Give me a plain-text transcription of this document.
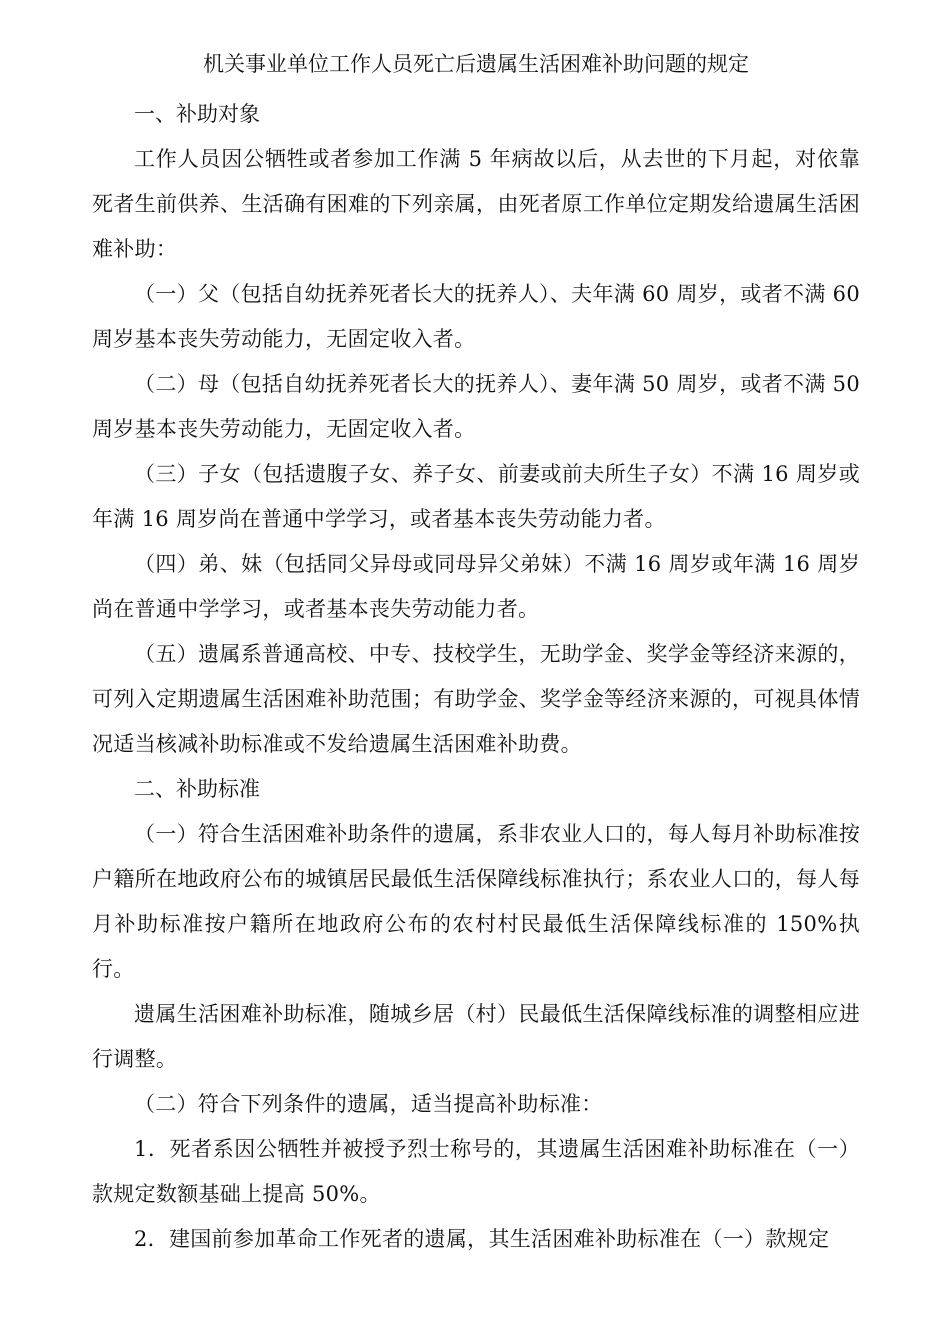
机关事业单位工作人员死亡后遗属生活困难补助问题的规定

一、补助对象

工作人员因公牺牲或者参加工作满 5 年病故以后，从去世的下月起，对依靠死者生前供养、生活确有困难的下列亲属，由死者原工作单位定期发给遗属生活困难补助：

（一）父（包括自幼抚养死者长大的抚养人）、夫年满 60 周岁，或者不满 60 周岁基本丧失劳动能力，无固定收入者。

（二）母（包括自幼抚养死者长大的抚养人）、妻年满 50 周岁，或者不满 50 周岁基本丧失劳动能力，无固定收入者。

（三）子女（包括遗腹子女、养子女、前妻或前夫所生子女）不满 16 周岁或年满 16 周岁尚在普通中学学习，或者基本丧失劳动能力者。

（四）弟、妹（包括同父异母或同母异父弟妹）不满 16 周岁或年满 16 周岁尚在普通中学学习，或者基本丧失劳动能力者。

（五）遗属系普通高校、中专、技校学生，无助学金、奖学金等经济来源的，可列入定期遗属生活困难补助范围；有助学金、奖学金等经济来源的，可视具体情况适当核减补助标准或不发给遗属生活困难补助费。

二、补助标准

（一）符合生活困难补助条件的遗属，系非农业人口的，每人每月补助标准按户籍所在地政府公布的城镇居民最低生活保障线标准执行；系农业人口的，每人每月补助标准按户籍所在地政府公布的农村村民最低生活保障线标准的 150%执行。

遗属生活困难补助标准，随城乡居（村）民最低生活保障线标准的调整相应进行调整。

（二）符合下列条件的遗属，适当提高补助标准：

1．死者系因公牺牲并被授予烈士称号的，其遗属生活困难补助标准在（一）款规定数额基础上提高 50%。

2．建国前参加革命工作死者的遗属，其生活困难补助标准在（一）款规定
